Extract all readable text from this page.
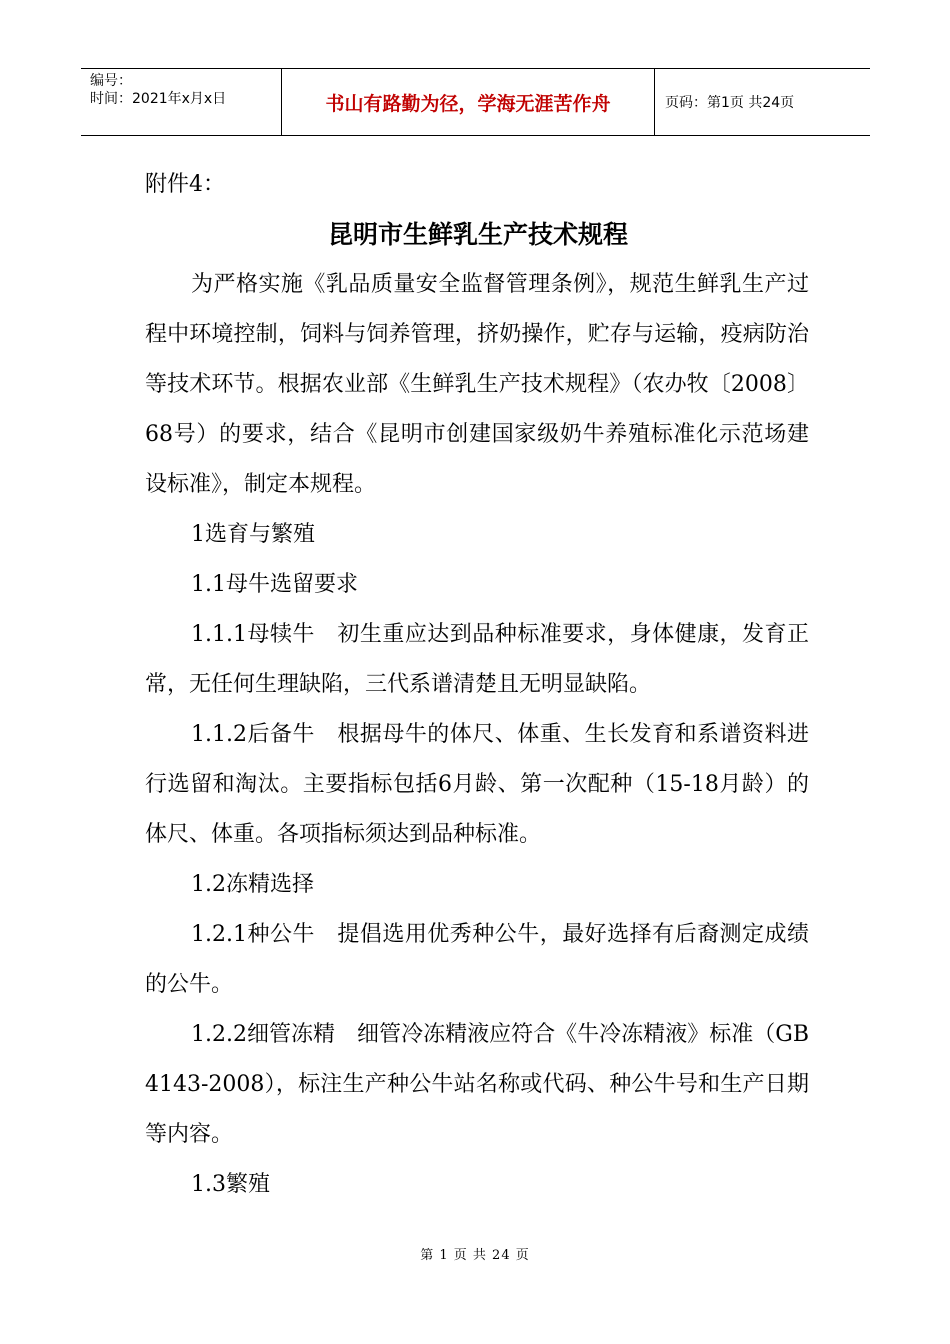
编号：
时间：2021年x月x日	书山有路勤为径，学海无涯苦作舟	页码：第1页 共24页

附件4：

昆明市生鲜乳生产技术规程

为严格实施《乳品质量安全监督管理条例》，规范生鲜乳生产过程中环境控制，饲料与饲养管理，挤奶操作，贮存与运输，疫病防治等技术环节。根据农业部《生鲜乳生产技术规程》（农办牧〔2008〕68号）的要求，结合《昆明市创建国家级奶牛养殖标准化示范场建设标准》，制定本规程。

1选育与繁殖

1.1母牛选留要求

1.1.1母犊牛　初生重应达到品种标准要求，身体健康，发育正常，无任何生理缺陷，三代系谱清楚且无明显缺陷。

1.1.2后备牛　根据母牛的体尺、体重、生长发育和系谱资料进行选留和淘汰。主要指标包括6月龄、第一次配种（15-18月龄）的体尺、体重。各项指标须达到品种标准。

1.2冻精选择

1.2.1种公牛　提倡选用优秀种公牛，最好选择有后裔测定成绩的公牛。

1.2.2细管冻精　细管冷冻精液应符合《牛冷冻精液》标准（GB 4143-2008），标注生产种公牛站名称或代码、种公牛号和生产日期等内容。

1.3繁殖

第 1 页 共 24 页
